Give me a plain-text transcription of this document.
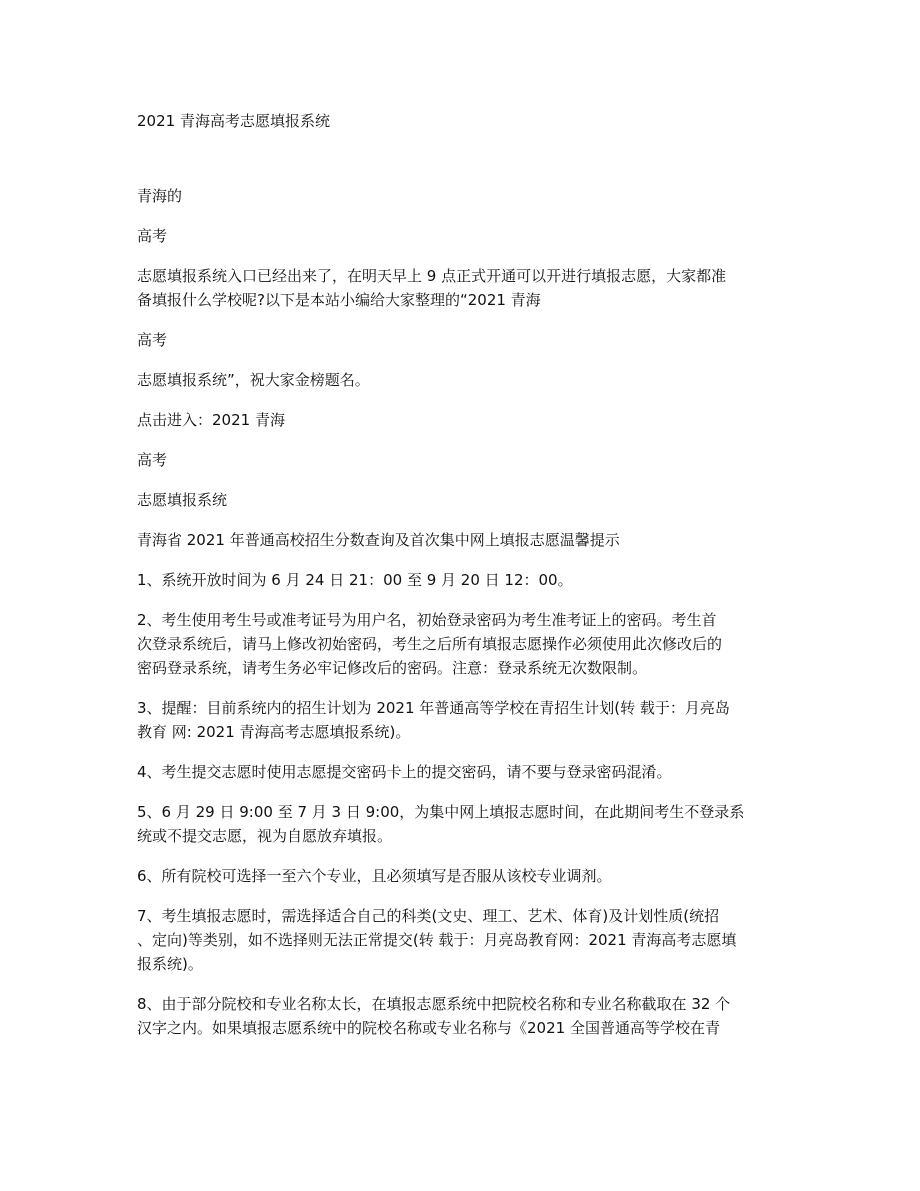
2021 青海高考志愿填报系统

青海的

高考

志愿填报系统入口已经出来了，在明天早上 9 点正式开通可以开进行填报志愿，大家都准
备填报什么学校呢?以下是本站小编给大家整理的“2021 青海

高考

志愿填报系统”，祝大家金榜题名。

点击进入：2021 青海

高考

志愿填报系统

青海省 2021 年普通高校招生分数查询及首次集中网上填报志愿温馨提示

1、系统开放时间为 6 月 24 日 21：00 至 9 月 20 日 12：00。

2、考生使用考生号或准考证号为用户名，初始登录密码为考生准考证上的密码。考生首
次登录系统后，请马上修改初始密码，考生之后所有填报志愿操作必须使用此次修改后的
密码登录系统，请考生务必牢记修改后的密码。注意：登录系统无次数限制。

3、提醒：目前系统内的招生计划为 2021 年普通高等学校在青招生计划(转 载于：月亮岛
教育 网: 2021 青海高考志愿填报系统)。

4、考生提交志愿时使用志愿提交密码卡上的提交密码，请不要与登录密码混淆。

5、6 月 29 日 9:00 至 7 月 3 日 9:00，为集中网上填报志愿时间，在此期间考生不登录系
统或不提交志愿，视为自愿放弃填报。

6、所有院校可选择一至六个专业，且必须填写是否服从该校专业调剂。

7、考生填报志愿时，需选择适合自己的科类(文史、理工、艺术、体育)及计划性质(统招
、定向)等类别，如不选择则无法正常提交(转 载于：月亮岛教育网：2021 青海高考志愿填
报系统)。

8、由于部分院校和专业名称太长，在填报志愿系统中把院校名称和专业名称截取在 32 个
汉字之内。如果填报志愿系统中的院校名称或专业名称与《2021 全国普通高等学校在青
